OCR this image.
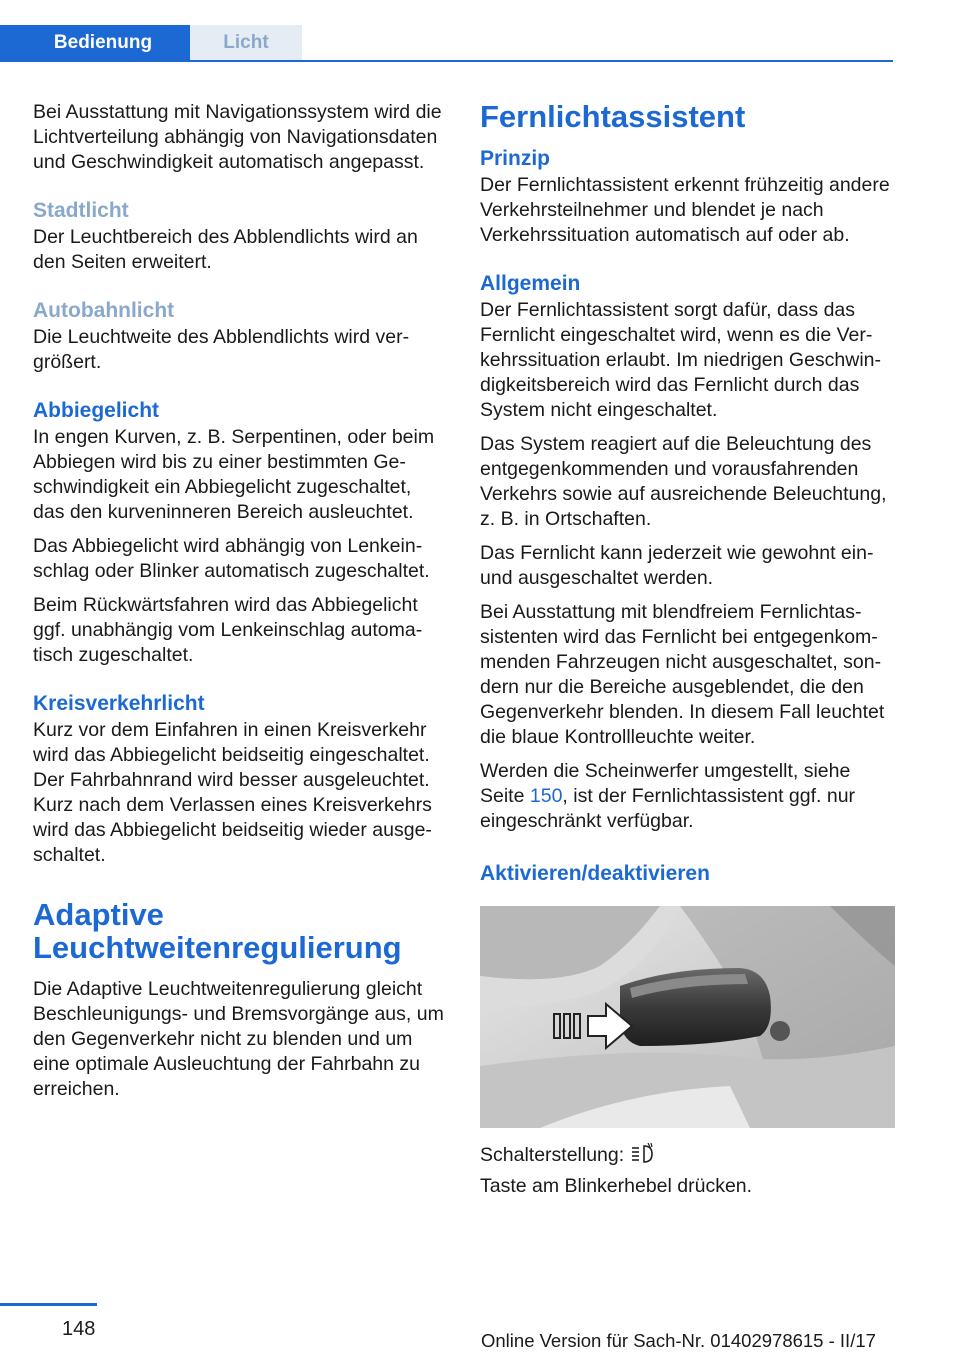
Bedienung	Licht

Bei Ausstattung mit Navigationssystem wird die Lichtverteilung abhängig von Navigationsdaten und Geschwindigkeit automatisch angepasst.

Stadtlicht

Der Leuchtbereich des Abblendlichts wird an den Seiten erweitert.

Autobahnlicht

Die Leuchtweite des Abblendlichts wird vergrößert.

Abbiegelicht

In engen Kurven, z. B. Serpentinen, oder beim Abbiegen wird bis zu einer bestimmten Geschwindigkeit ein Abbiegelicht zugeschaltet, das den kurveninneren Bereich ausleuchtet.

Das Abbiegelicht wird abhängig von Lenkeinschlag oder Blinker automatisch zugeschaltet.

Beim Rückwärtsfahren wird das Abbiegelicht ggf. unabhängig vom Lenkeinschlag automatisch zugeschaltet.

Kreisverkehrlicht

Kurz vor dem Einfahren in einen Kreisverkehr wird das Abbiegelicht beidseitig eingeschaltet. Der Fahrbahnrand wird besser ausgeleuchtet. Kurz nach dem Verlassen eines Kreisverkehrs wird das Abbiegelicht beidseitig wieder ausgeschaltet.

Adaptive Leuchtweitenregulierung

Die Adaptive Leuchtweitenregulierung gleicht Beschleunigungs- und Bremsvorgänge aus, um den Gegenverkehr nicht zu blenden und um eine optimale Ausleuchtung der Fahrbahn zu erreichen.

Fernlichtassistent
Prinzip

Der Fernlichtassistent erkennt frühzeitig andere Verkehrsteilnehmer und blendet je nach Verkehrssituation automatisch auf oder ab.

Allgemein

Der Fernlichtassistent sorgt dafür, dass das Fernlicht eingeschaltet wird, wenn es die Verkehrssituation erlaubt. Im niedrigen Geschwindigkeitsbereich wird das Fernlicht durch das System nicht eingeschaltet.

Das System reagiert auf die Beleuchtung des entgegenkommenden und vorausfahrenden Verkehrs sowie auf ausreichende Beleuchtung, z. B. in Ortschaften.

Das Fernlicht kann jederzeit wie gewohnt ein- und ausgeschaltet werden.

Bei Ausstattung mit blendfreiem Fernlichtassistenten wird das Fernlicht bei entgegenkommenden Fahrzeugen nicht ausgeschaltet, sondern nur die Bereiche ausgeblendet, die den Gegenverkehr blenden. In diesem Fall leuchtet die blaue Kontrollleuchte weiter.

Werden die Scheinwerfer umgestellt, siehe Seite 150, ist der Fernlichtassistent ggf. nur eingeschränkt verfügbar.

Aktivieren/deaktivieren

Schalterstellung:

Taste am Blinkerhebel drücken.

148
Online Version für Sach-Nr. 01402978615 - II/17
